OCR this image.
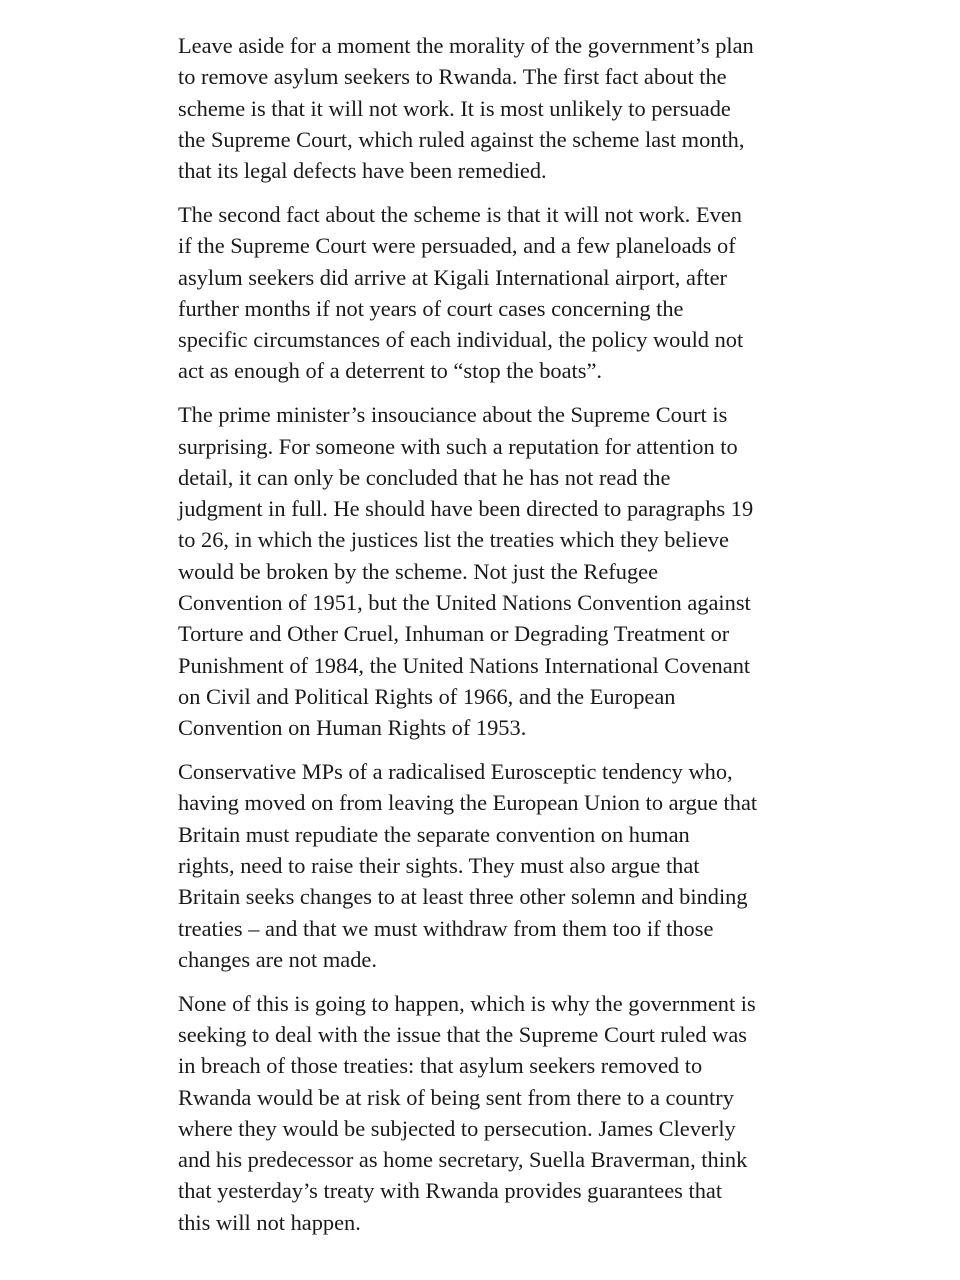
Leave aside for a moment the morality of the government’s plan
to remove asylum seekers to Rwanda. The first fact about the
scheme is that it will not work. It is most unlikely to persuade
the Supreme Court, which ruled against the scheme last month,
that its legal defects have been remedied.

The second fact about the scheme is that it will not work. Even
if the Supreme Court were persuaded, and a few planeloads of
asylum seekers did arrive at Kigali International airport, after
further months if not years of court cases concerning the
specific circumstances of each individual, the policy would not
act as enough of a deterrent to “stop the boats”.

The prime minister’s insouciance about the Supreme Court is
surprising. For someone with such a reputation for attention to
detail, it can only be concluded that he has not read the
judgment in full. He should have been directed to paragraphs 19
to 26, in which the justices list the treaties which they believe
would be broken by the scheme. Not just the Refugee
Convention of 1951, but the United Nations Convention against
Torture and Other Cruel, Inhuman or Degrading Treatment or
Punishment of 1984, the United Nations International Covenant
on Civil and Political Rights of 1966, and the European
Convention on Human Rights of 1953.

Conservative MPs of a radicalised Eurosceptic tendency who,
having moved on from leaving the European Union to argue that
Britain must repudiate the separate convention on human
rights, need to raise their sights. They must also argue that
Britain seeks changes to at least three other solemn and binding
treaties – and that we must withdraw from them too if those
changes are not made.

None of this is going to happen, which is why the government is
seeking to deal with the issue that the Supreme Court ruled was
in breach of those treaties: that asylum seekers removed to
Rwanda would be at risk of being sent from there to a country
where they would be subjected to persecution. James Cleverly
and his predecessor as home secretary, Suella Braverman, think
that yesterday’s treaty with Rwanda provides guarantees that
this will not happen.
